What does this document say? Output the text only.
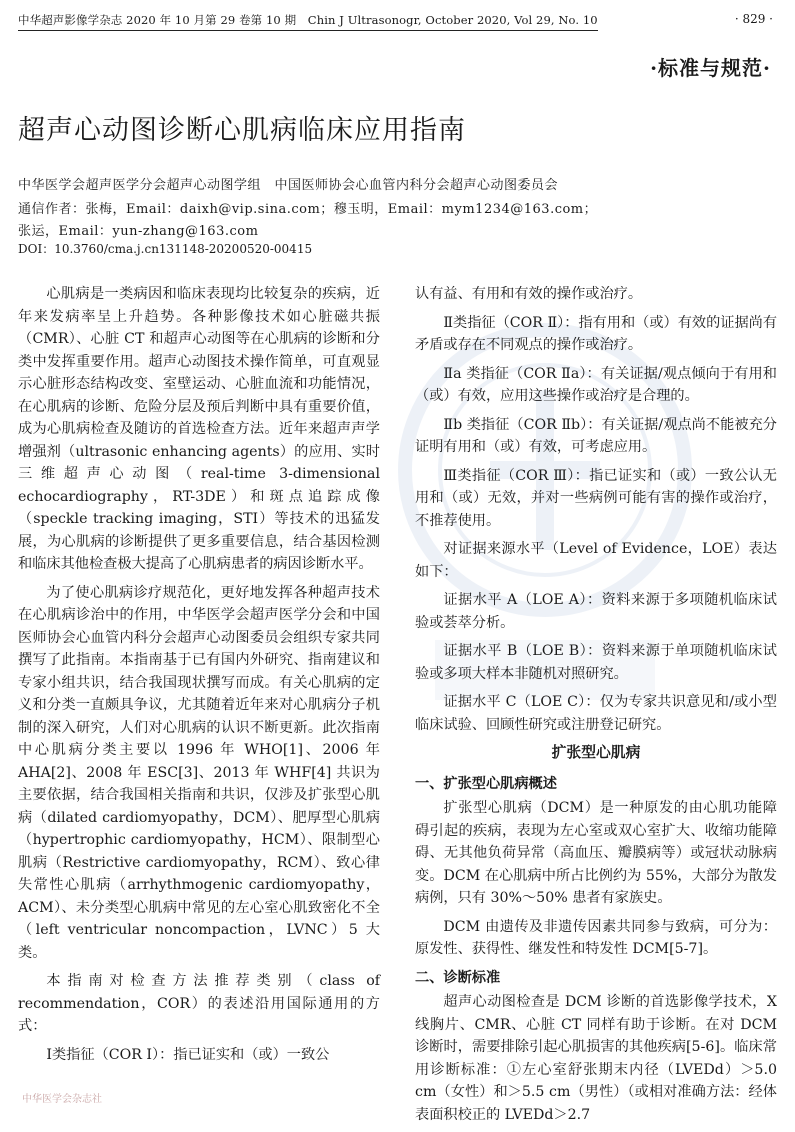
中华超声影像学杂志 2020 年 10 月第 29 卷第 10 期　Chin J Ultrasonogr, October 2020, Vol 29, No. 10	· 829 ·
·标准与规范·
超声心动图诊断心肌病临床应用指南
中华医学会超声医学分会超声心动图学组　中国医师协会心血管内科分会超声心动图委员会
通信作者：张梅，Email：daixh@vip.sina.com；穆玉明，Email：mym1234@163.com；
张运，Email：yun-zhang@163.com
DOI：10.3760/cma.j.cn131148-20200520-00415

心肌病是一类病因和临床表现均比较复杂的疾病，近年来发病率呈上升趋势。各种影像技术如心脏磁共振（CMR）、心脏 CT 和超声心动图等在心肌病的诊断和分类中发挥重要作用。超声心动图技术操作简单，可直观显示心脏形态结构改变、室壁运动、心脏血流和功能情况，在心肌病的诊断、危险分层及预后判断中具有重要价值，成为心肌病检查及随访的首选检查方法。近年来超声声学增强剂（ultrasonic enhancing agents）的应用、实时三维超声心动图（real-time 3-dimensional echocardiography，RT-3DE）和斑点追踪成像（speckle tracking imaging，STI）等技术的迅猛发展，为心肌病的诊断提供了更多重要信息，结合基因检测和临床其他检查极大提高了心肌病患者的病因诊断水平。

为了使心肌病诊疗规范化，更好地发挥各种超声技术在心肌病诊治中的作用，中华医学会超声医学分会和中国医师协会心血管内科分会超声心动图委员会组织专家共同撰写了此指南。本指南基于已有国内外研究、指南建议和专家小组共识，结合我国现状撰写而成。有关心肌病的定义和分类一直颇具争议，尤其随着近年来对心肌病分子机制的深入研究，人们对心肌病的认识不断更新。此次指南中心肌病分类主要以 1996 年 WHO[1]、2006 年 AHA[2]、2008 年 ESC[3]、2013 年 WHF[4] 共识为主要依据，结合我国相关指南和共识，仅涉及扩张型心肌病（dilated cardiomyopathy，DCM）、肥厚型心肌病（hypertrophic cardiomyopathy，HCM）、限制型心肌病（Restrictive cardiomyopathy，RCM）、致心律失常性心肌病（arrhythmogenic cardiomyopathy，ACM）、未分类型心肌病中常见的左心室心肌致密化不全（left ventricular noncompaction，LVNC）5 大类。

本指南对检查方法推荐类别（class of recommendation，COR）的表述沿用国际通用的方式：

Ⅰ类指征（COR Ⅰ）：指已证实和（或）一致公

认有益、有用和有效的操作或治疗。

Ⅱ类指征（COR Ⅱ）：指有用和（或）有效的证据尚有矛盾或存在不同观点的操作或治疗。

Ⅱa 类指征（COR Ⅱa）：有关证据/观点倾向于有用和（或）有效，应用这些操作或治疗是合理的。

Ⅱb 类指征（COR Ⅱb）：有关证据/观点尚不能被充分证明有用和（或）有效，可考虑应用。

Ⅲ类指征（COR Ⅲ）：指已证实和（或）一致公认无用和（或）无效，并对一些病例可能有害的操作或治疗，不推荐使用。

对证据来源水平（Level of Evidence，LOE）表达如下：

证据水平 A（LOE A）：资料来源于多项随机临床试验或荟萃分析。

证据水平 B（LOE B）：资料来源于单项随机临床试验或多项大样本非随机对照研究。

证据水平 C（LOE C）：仅为专家共识意见和/或小型临床试验、回顾性研究或注册登记研究。

扩张型心肌病
一、扩张型心肌病概述

扩张型心肌病（DCM）是一种原发的由心肌功能障碍引起的疾病，表现为左心室或双心室扩大、收缩功能障碍、无其他负荷异常（高血压、瓣膜病等）或冠状动脉病变。DCM 在心肌病中所占比例约为 55%，大部分为散发病例，只有 30%～50% 患者有家族史。

DCM 由遗传及非遗传因素共同参与致病，可分为：原发性、获得性、继发性和特发性 DCM[5-7]。

二、诊断标准

超声心动图检查是 DCM 诊断的首选影像学技术，X 线胸片、CMR、心脏 CT 同样有助于诊断。在对 DCM 诊断时，需要排除引起心肌损害的其他疾病[5-6]。临床常用诊断标准：①左心室舒张期末内径（LVEDd）＞5.0 cm（女性）和＞5.5 cm（男性）（或相对准确方法：经体表面积校正的 LVEDd＞2.7

中华医学会杂志社
